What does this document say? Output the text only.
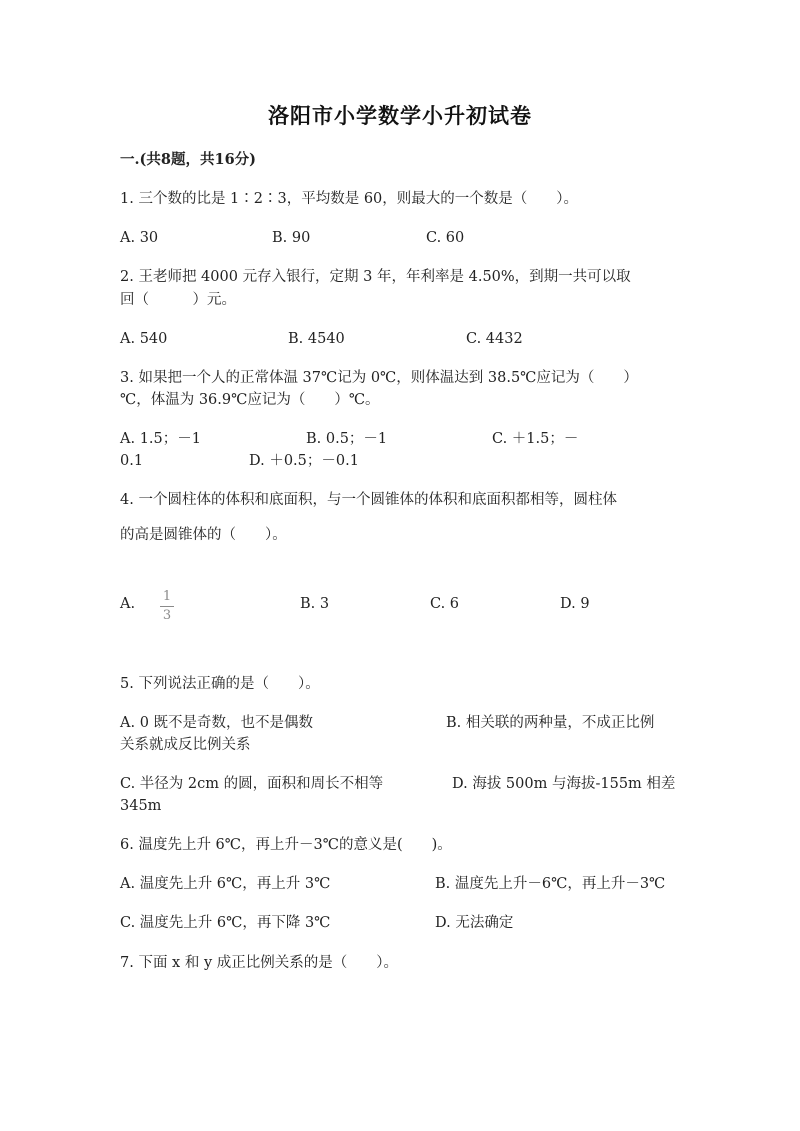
洛阳市小学数学小升初试卷
一.(共8题，共16分)
1. 三个数的比是 1∶2∶3，平均数是 60，则最大的一个数是（　　）。
A. 30	B. 90	C. 60
2. 王老师把 4000 元存入银行，定期 3 年，年利率是 4.50%，到期一共可以取
回（　　　）元。
A. 540	B. 4540	C. 4432
3. 如果把一个人的正常体温 37℃记为 0℃，则体温达到 38.5℃应记为（　　）
℃，体温为 36.9℃应记为（　　）℃。
A. 1.5；－1	B. 0.5；－1	C. ＋1.5；－
0.1	D. ＋0.5；－0.1
4. 一个圆柱体的体积和底面积，与一个圆锥体的体积和底面积都相等，圆柱体
的高是圆锥体的（　　）。
A.	1
3
B. 3	C. 6	D. 9
5. 下列说法正确的是（　　）。
A. 0 既不是奇数，也不是偶数	B. 相关联的两种量，不成正比例
关系就成反比例关系
C. 半径为 2cm 的圆，面积和周长不相等	D. 海拔 500m 与海拔-155m 相差
345m
6. 温度先上升 6℃，再上升－3℃的意义是(　　)。
A. 温度先上升 6℃，再上升 3℃	B. 温度先上升－6℃，再上升－3℃
C. 温度先上升 6℃，再下降 3℃	D. 无法确定
7. 下面 x 和 y 成正比例关系的是（　　）。
